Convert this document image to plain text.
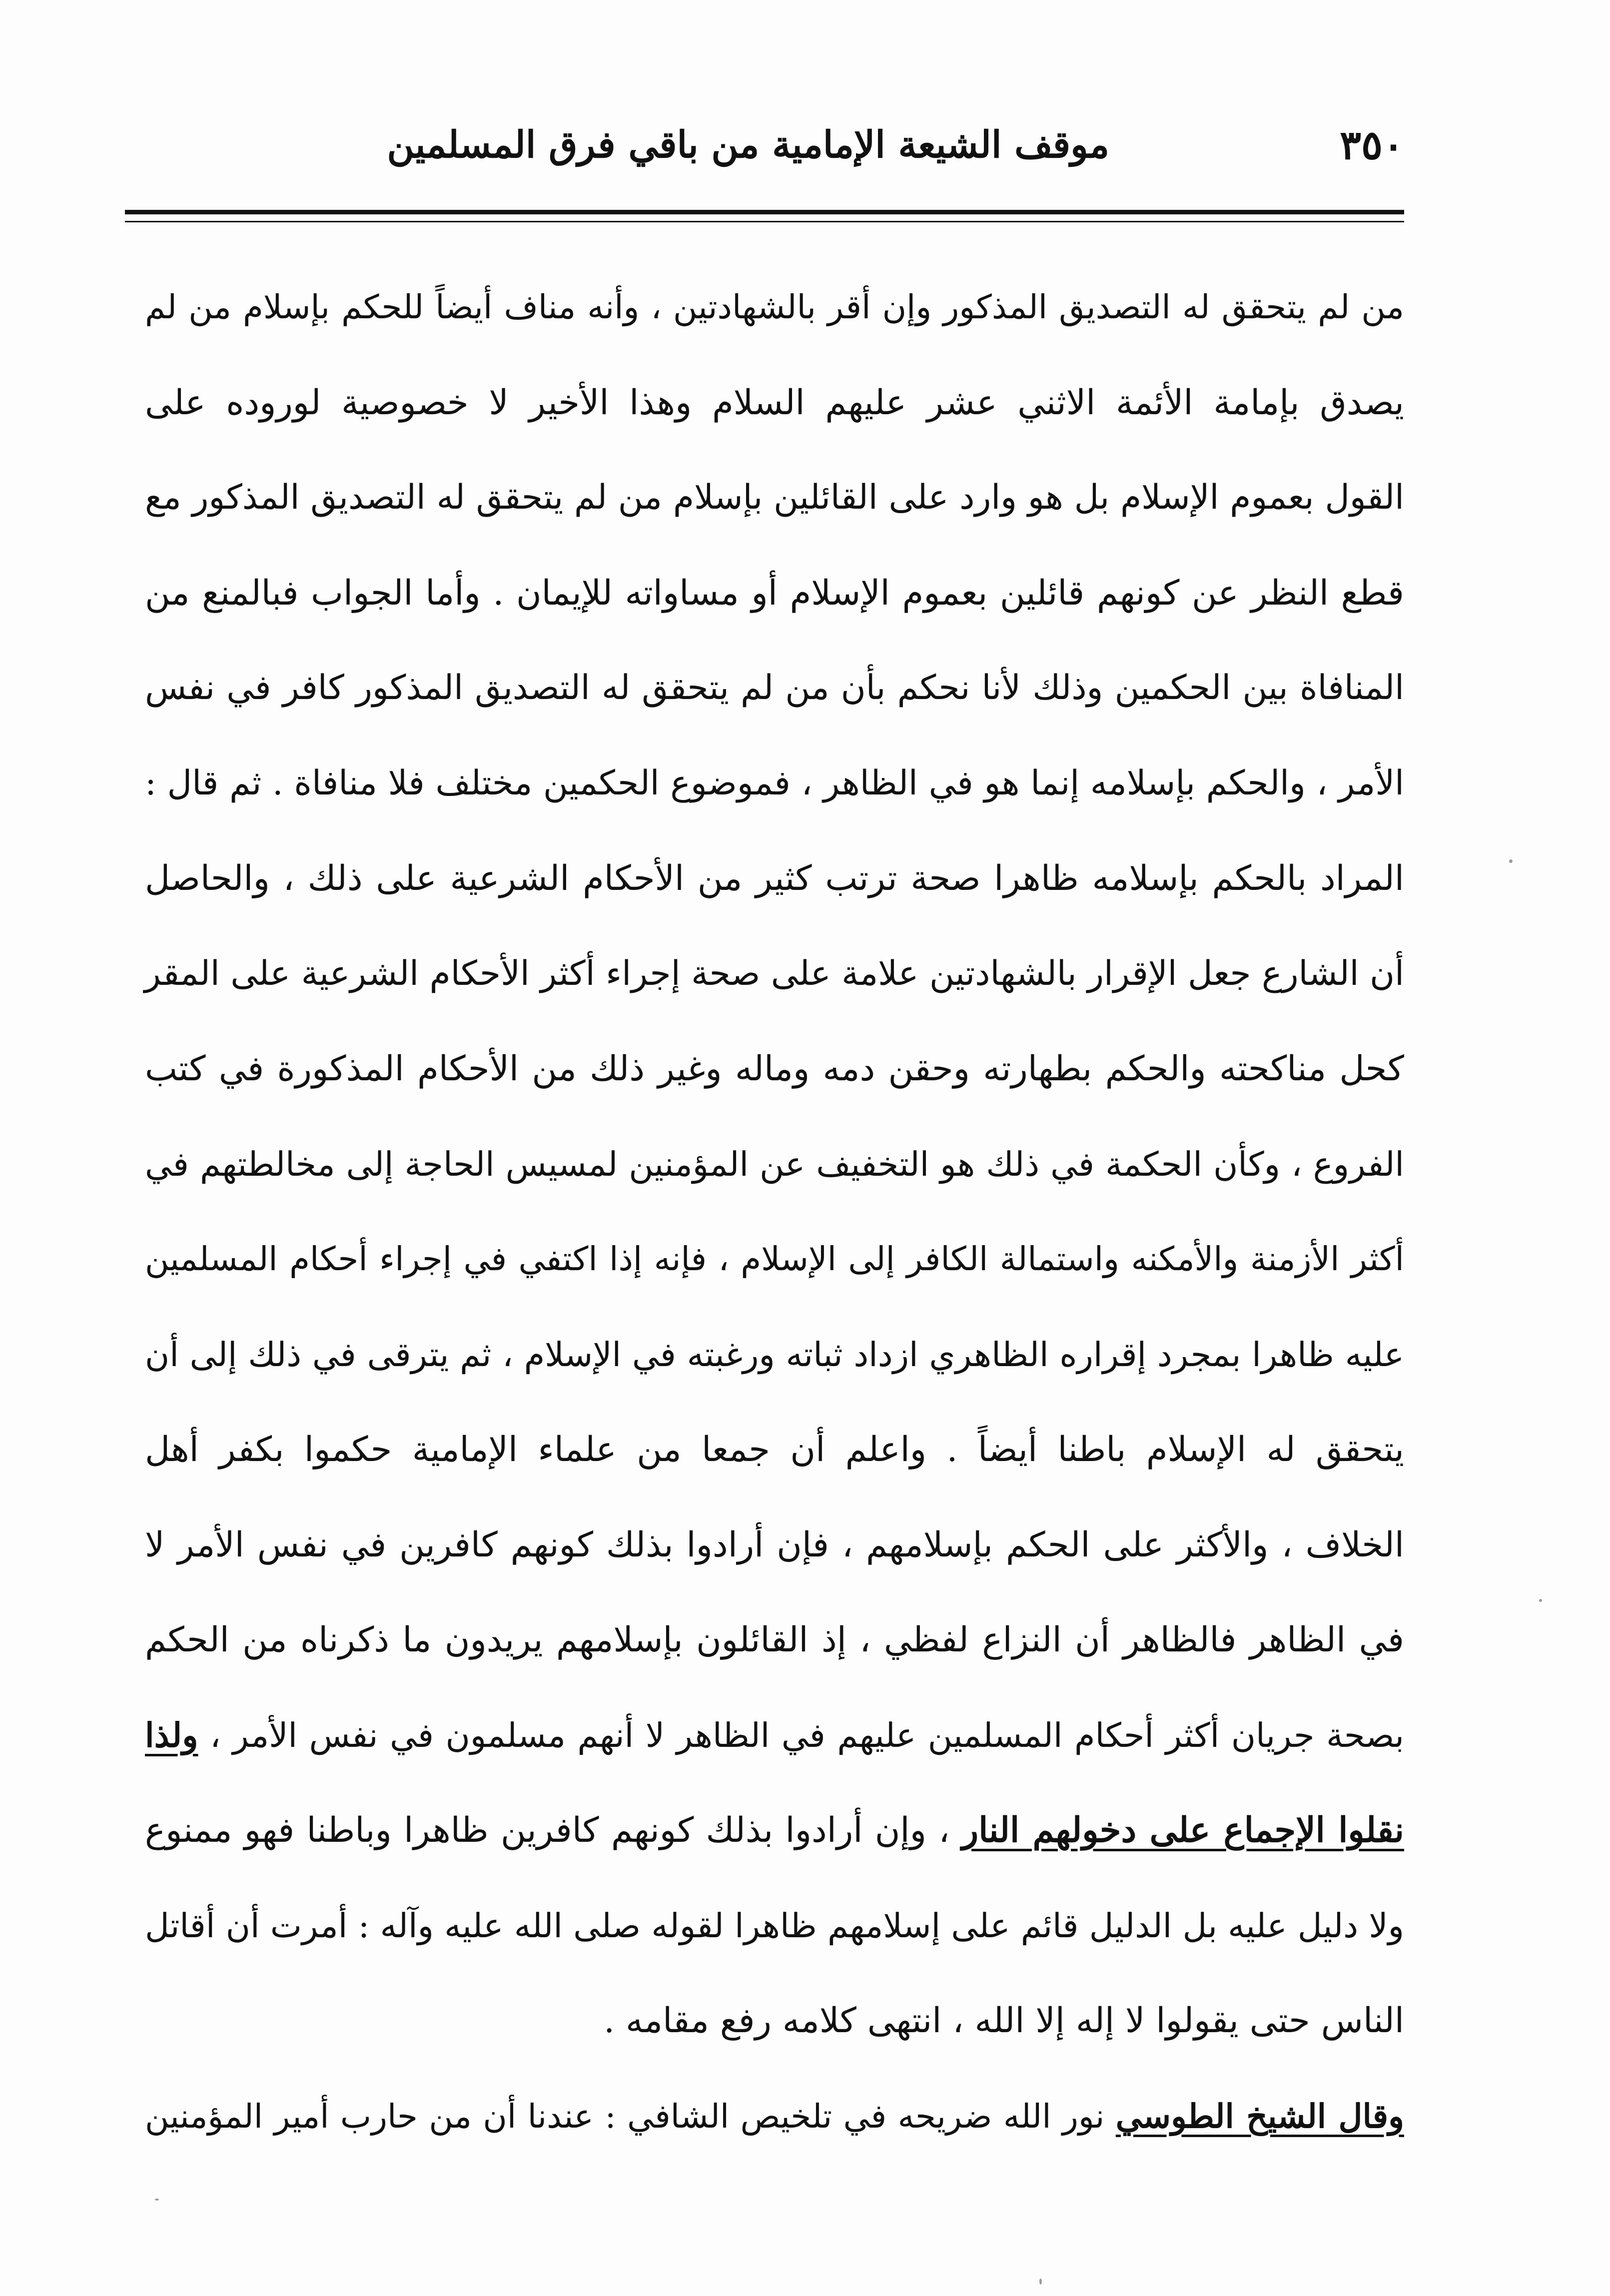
٣٥٠
موقف الشيعة الإمامية من باقي فرق المسلمين
من لم يتحقق له التصديق المذكور وإن أقر بالشهادتين ، وأنه مناف أيضاً للحكم بإسلام من لم
يصدق بإمامة الأئمة الاثني عشر عليهم السلام وهذا الأخير لا خصوصية لوروده على
القول بعموم الإسلام بل هو وارد على القائلين بإسلام من لم يتحقق له التصديق المذكور مع
قطع النظر عن كونهم قائلين بعموم الإسلام أو مساواته للإيمان . وأما الجواب فبالمنع من
المنافاة بين الحكمين وذلك لأنا نحكم بأن من لم يتحقق له التصديق المذكور كافر في نفس
الأمر ، والحكم بإسلامه إنما هو في الظاهر ، فموضوع الحكمين مختلف فلا منافاة . ثم قال :
المراد بالحكم بإسلامه ظاهرا صحة ترتب كثير من الأحكام الشرعية على ذلك ، والحاصل
أن الشارع جعل الإقرار بالشهادتين علامة على صحة إجراء أكثر الأحكام الشرعية على المقر
كحل مناكحته والحكم بطهارته وحقن دمه وماله وغير ذلك من الأحكام المذكورة في كتب
الفروع ، وكأن الحكمة في ذلك هو التخفيف عن المؤمنين لمسيس الحاجة إلى مخالطتهم في
أكثر الأزمنة والأمكنه واستمالة الكافر إلى الإسلام ، فإنه إذا اكتفي في إجراء أحكام المسلمين
عليه ظاهرا بمجرد إقراره الظاهري ازداد ثباته ورغبته في الإسلام ، ثم يترقى في ذلك إلى أن
يتحقق له الإسلام باطنا أيضاً . واعلم أن جمعا من علماء الإمامية حكموا بكفر أهل
الخلاف ، والأكثر على الحكم بإسلامهم ، فإن أرادوا بذلك كونهم كافرين في نفس الأمر لا
في الظاهر فالظاهر أن النزاع لفظي ، إذ القائلون بإسلامهم يريدون ما ذكرناه من الحكم
بصحة جريان أكثر أحكام المسلمين عليهم في الظاهر لا أنهم مسلمون في نفس الأمر ، ولذا
نقلوا الإجماع على دخولهم النار ، وإن أرادوا بذلك كونهم كافرين ظاهرا وباطنا فهو ممنوع
ولا دليل عليه بل الدليل قائم على إسلامهم ظاهرا لقوله صلى الله عليه وآله : أمرت أن أقاتل
الناس حتى يقولوا لا إله إلا الله ، انتهى كلامه رفع مقامه .
وقال الشيخ الطوسي نور الله ضريحه في تلخيص الشافي : عندنا أن من حارب أمير المؤمنين
